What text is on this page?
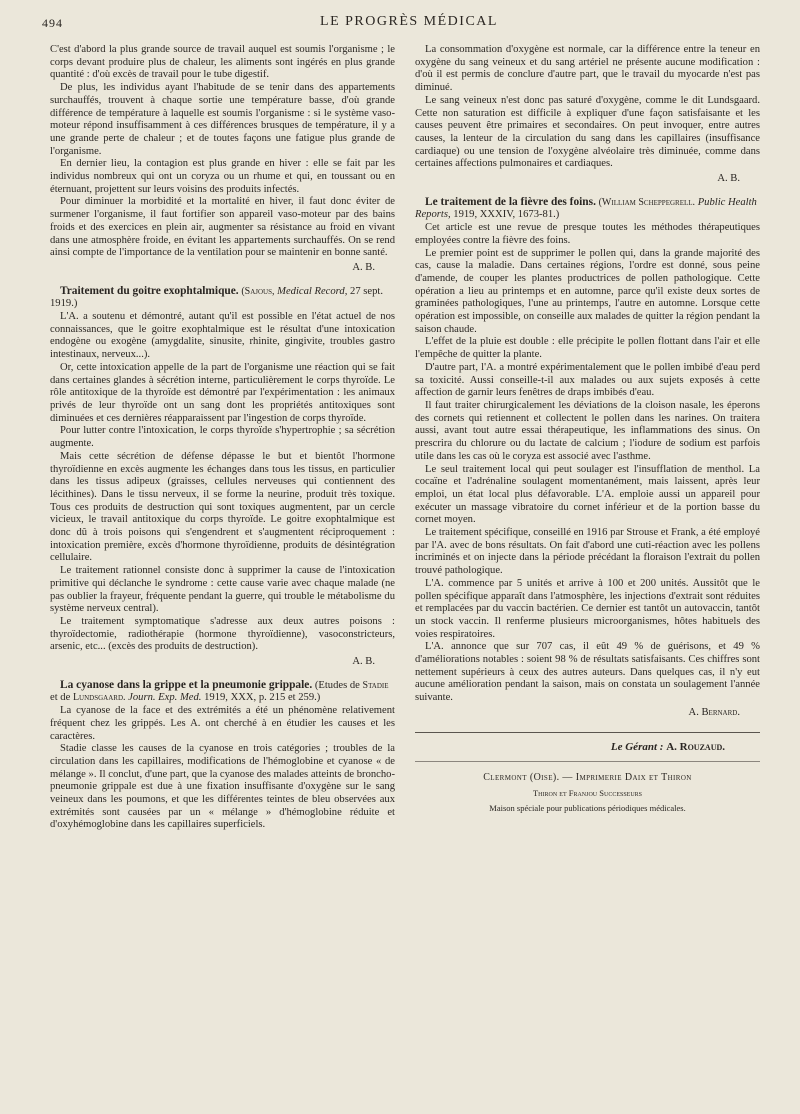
494	LE PROGRÈS MÉDICAL

C'est d'abord la plus grande source de travail auquel est soumis l'organisme ; le corps devant produire plus de chaleur, les aliments sont ingérés en plus grande quantité : d'où excès de travail pour le tube digestif.

De plus, les individus ayant l'habitude de se tenir dans des appartements surchauffés, trouvent à chaque sortie une température basse, d'où grande différence de température à laquelle est soumis l'organisme : si le système vaso-moteur répond insuffisamment à ces différences brusques de température, il y a une grande perte de chaleur ; et de toutes façons une fatigue plus grande de l'organisme.

En dernier lieu, la contagion est plus grande en hiver : elle se fait par les individus nombreux qui ont un coryza ou un rhume et qui, en toussant ou en éternuant, projettent sur leurs voisins des produits infectés.

Pour diminuer la morbidité et la mortalité en hiver, il faut donc éviter de surmener l'organisme, il faut fortifier son appareil vaso-moteur par des bains froids et des exercices en plein air, augmenter sa résistance au froid en vivant dans une atmosphère froide, en évitant les appartements surchauffés. On se rend ainsi compte de l'importance de la ventilation pour se maintenir en bonne santé.

A. B.

Traitement du goitre exophtalmique. (Sajous, Medical Record, 27 sept. 1919.)

L'A. a soutenu et démontré, autant qu'il est possible en l'état actuel de nos connaissances, que le goitre exophtalmique est le résultat d'une intoxication endogène ou exogène (amygdalite, sinusite, rhinite, gingivite, troubles gastro intestinaux, nerveux...).

Or, cette intoxication appelle de la part de l'organisme une réaction qui se fait dans certaines glandes à sécrétion interne, particulièrement le corps thyroïde. Le rôle antitoxique de la thyroïde est démontré par l'expérimentation : les animaux privés de leur thyroïde ont un sang dont les propriétés antitoxiques sont diminuées et ces dernières réapparaissent par l'ingestion de corps thyroïde.

Pour lutter contre l'intoxication, le corps thyroïde s'hypertrophie ; sa sécrétion augmente.

Mais cette sécrétion de défense dépasse le but et bientôt l'hormone thyroïdienne en excès augmente les échanges dans tous les tissus, en particulier dans les tissus adipeux (graisses, cellules nerveuses qui contiennent des lécithines). Dans le tissu nerveux, il se forme la neurine, produit très toxique. Tous ces produits de destruction qui sont toxiques augmentent, par un cercle vicieux, le travail antitoxique du corps thyroïde. Le goitre exophtalmique est donc dû à trois poisons qui s'engendrent et s'augmentent réciproquement : intoxication première, excès d'hormone thyroïdienne, produits de désintégration cellulaire.

Le traitement rationnel consiste donc à supprimer la cause de l'intoxication primitive qui déclanche le syndrome : cette cause varie avec chaque malade (ne pas oublier la frayeur, fréquente pendant la guerre, qui trouble le métabolisme du système nerveux central).

Le traitement symptomatique s'adresse aux deux autres poisons : thyroïdectomie, radiothérapie (hormone thyroïdienne), vasoconstricteurs, arsenic, etc... (excès des produits de destruction).

A. B.

La cyanose dans la grippe et la pneumonie grippale. (Etudes de Stadie et de Lundsgaard. Journ. Exp. Med. 1919, XXX, p. 215 et 259.)

La cyanose de la face et des extrémités a été un phénomène relativement fréquent chez les grippés. Les A. ont cherché à en étudier les causes et les caractères.

Stadie classe les causes de la cyanose en trois catégories ; troubles de la circulation dans les capillaires, modifications de l'hémoglobine et cyanose « de mélange ». Il conclut, d'une part, que la cyanose des malades atteints de broncho-pneumonie grippale est due à une fixation insuffisante d'oxygène sur le sang veineux dans les poumons, et que les différentes teintes de bleu observées aux extrémités sont causées par un « mélange » d'hémoglobine réduite et d'oxyhémoglobine dans les capillaires superficiels.

La consommation d'oxygène est normale, car la différence entre la teneur en oxygène du sang veineux et du sang artériel ne présente aucune modification : d'où il est permis de conclure d'autre part, que le travail du myocarde n'est pas diminué.

Le sang veineux n'est donc pas saturé d'oxygène, comme le dit Lundsgaard. Cette non saturation est difficile à expliquer d'une façon satisfaisante et les causes peuvent être primaires et secondaires. On peut invoquer, entre autres causes, la lenteur de la circulation du sang dans les capillaires (insuffisance cardiaque) ou une tension de l'oxygène alvéolaire très diminuée, comme dans certaines affections pulmonaires et cardiaques.

A. B.

Le traitement de la fièvre des foins. (William Scheppegrell. Public Health Reports, 1919, XXXIV, 1673-81.)

Cet article est une revue de presque toutes les méthodes thérapeutiques employées contre la fièvre des foins.

Le premier point est de supprimer le pollen qui, dans la grande majorité des cas, cause la maladie. Dans certaines régions, l'ordre est donné, sous peine d'amende, de couper les plantes productrices de pollen pathologique. Cette opération a lieu au printemps et en automne, parce qu'il existe deux sortes de graminées pathologiques, l'une au printemps, l'autre en automne. Lorsque cette opération est impossible, on conseille aux malades de quitter la région pendant la saison chaude.

L'effet de la pluie est double : elle précipite le pollen flottant dans l'air et elle l'empêche de quitter la plante.

D'autre part, l'A. a montré expérimentalement que le pollen imbibé d'eau perd sa toxicité. Aussi conseille-t-il aux malades ou aux sujets exposés à cette affection de garnir leurs fenêtres de draps imbibés d'eau.

Il faut traiter chirurgicalement les déviations de la cloison nasale, les éperons des cornets qui retiennent et collectent le pollen dans les narines. On traitera aussi, avant tout autre essai thérapeutique, les inflammations des sinus. On prescrira du chlorure ou du lactate de calcium ; l'iodure de sodium est parfois utile dans les cas où le coryza est associé avec l'asthme.

Le seul traitement local qui peut soulager est l'insufflation de menthol. La cocaïne et l'adrénaline soulagent momentanément, mais laissent, après leur emploi, un état local plus défavorable. L'A. emploie aussi un appareil pour exécuter un massage vibratoire du cornet inférieur et de la portion basse du cornet moyen.

Le traitement spécifique, conseillé en 1916 par Strouse et Frank, a été employé par l'A. avec de bons résultats. On fait d'abord une cuti-réaction avec les pollens incriminés et on injecte dans la période précédant la floraison l'extrait du pollen trouvé pathologique.

L'A. commence par 5 unités et arrive à 100 et 200 unités. Aussitôt que le pollen spécifique apparaît dans l'atmosphère, les injections d'extrait sont réduites et remplacées par du vaccin bactérien. Ce dernier est tantôt un autovaccin, tantôt un stock vaccin. Il renferme plusieurs microorganismes, hôtes habituels des voies respiratoires.

L'A. annonce que sur 707 cas, il eût 49 % de guérisons, et 49 % d'améliorations notables : soient 98 % de résultats satisfaisants. Ces chiffres sont nettement supérieurs à ceux des autres auteurs. Dans quelques cas, il n'y eut aucune amélioration pendant la saison, mais on constata un soulagement l'année suivante.

A. Bernard.
Le Gérant : A. Rouzaud.
Clermont (Oise). — Imprimerie Daix et Thiron
Thiron et Franjou Successeurs
Maison spéciale pour publications périodiques médicales.
